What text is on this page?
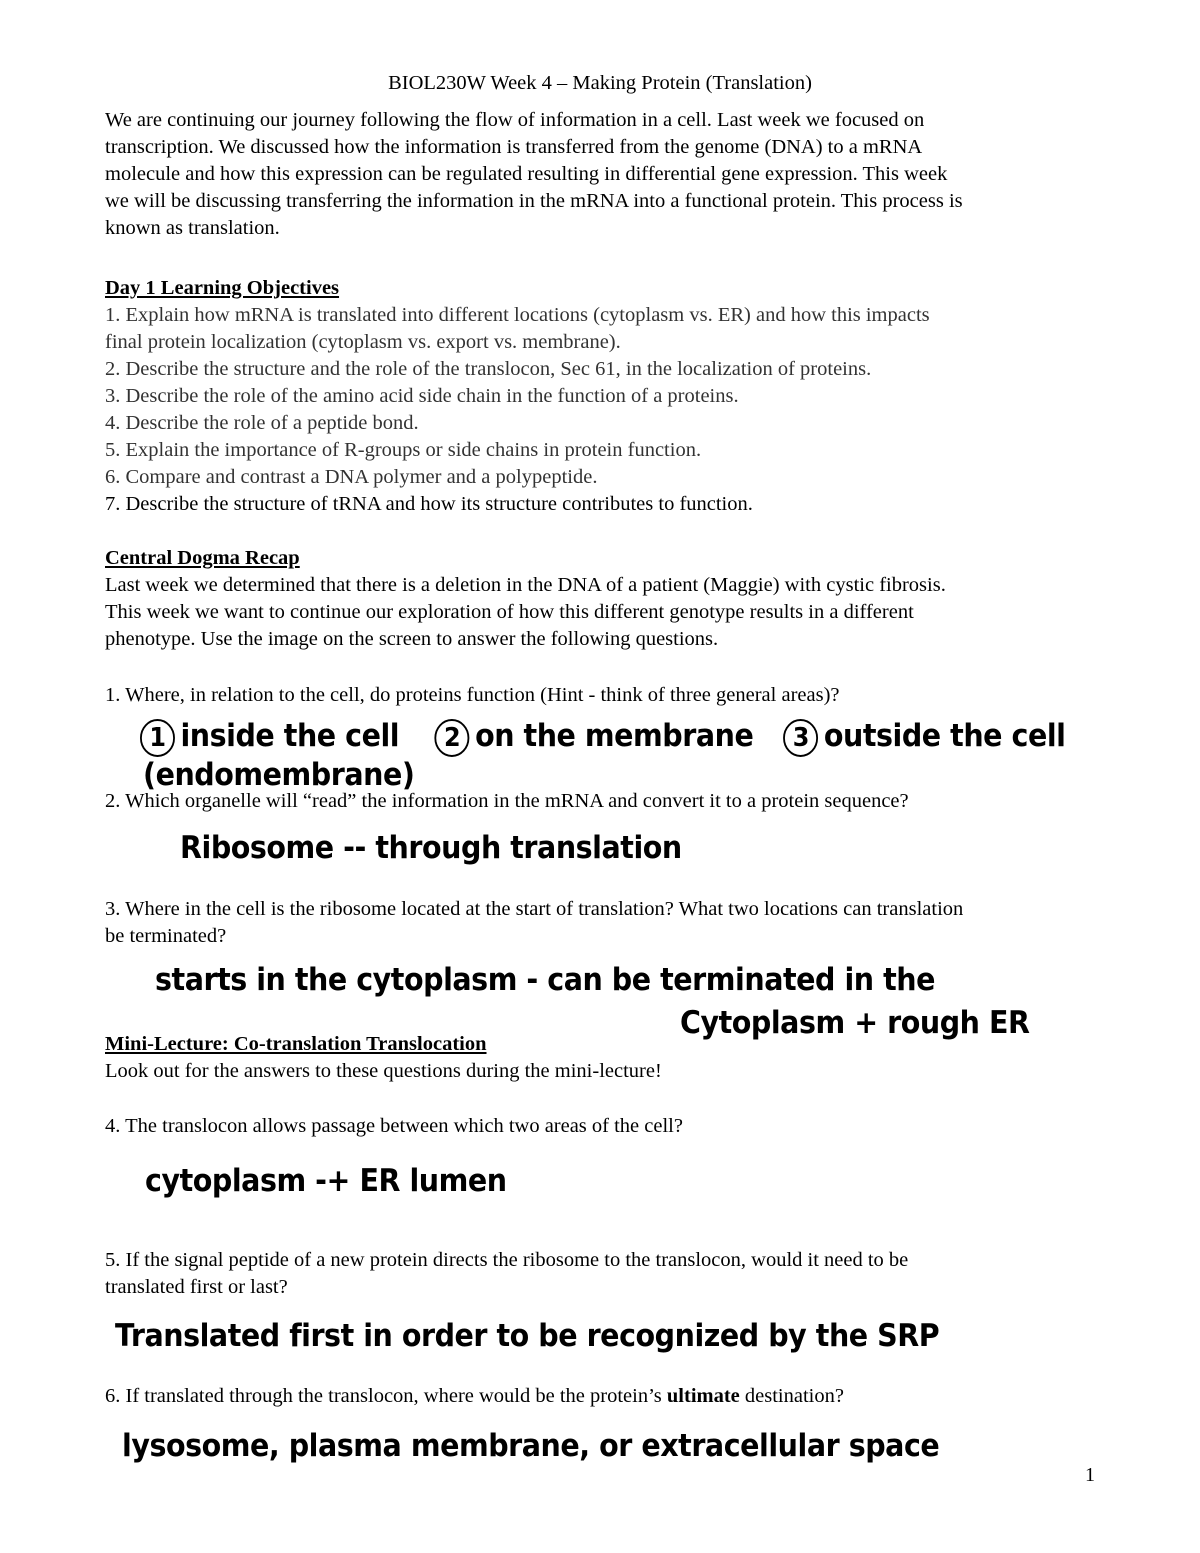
BIOL230W Week 4 – Making Protein (Translation)
We are continuing our journey following the flow of information in a cell. Last week we focused on
transcription. We discussed how the information is transferred from the genome (DNA) to a mRNA
molecule and how this expression can be regulated resulting in differential gene expression. This week
we will be discussing transferring the information in the mRNA into a functional protein. This process is
known as translation.
Day 1 Learning Objectives
1. Explain how mRNA is translated into different locations (cytoplasm vs. ER) and how this impacts
final protein localization (cytoplasm vs. export vs. membrane).
2. Describe the structure and the role of the translocon, Sec 61, in the localization of proteins.
3. Describe the role of the amino acid side chain in the function of a proteins.
4. Describe the role of a peptide bond.
5. Explain the importance of R-groups or side chains in protein function.
6. Compare and contrast a DNA polymer and a polypeptide.
7. Describe the structure of tRNA and how its structure contributes to function.
Central Dogma Recap
Last week we determined that there is a deletion in the DNA of a patient (Maggie) with cystic fibrosis.
This week we want to continue our exploration of how this different genotype results in a different
phenotype. Use the image on the screen to answer the following questions.
1. Where, in relation to the cell, do proteins function (Hint - think of three general areas)?
1 inside the cell 2 on the membrane 3 outside the cell
(endomembrane)
2. Which organelle will “read” the information in the mRNA and convert it to a protein sequence?
Ribosome -- through translation
3. Where in the cell is the ribosome located at the start of translation? What two locations can translation
be terminated?
starts in the cytoplasm - can be terminated in the
Cytoplasm + rough ER
Mini-Lecture: Co-translation Translocation
Look out for the answers to these questions during the mini-lecture!
4. The translocon allows passage between which two areas of the cell?
cytoplasm -+ ER lumen
5. If the signal peptide of a new protein directs the ribosome to the translocon, would it need to be
translated first or last?
Translated first in order to be recognized by the SRP
6. If translated through the translocon, where would be the protein’s ultimate destination?
lysosome, plasma membrane, or extracellular space
1
